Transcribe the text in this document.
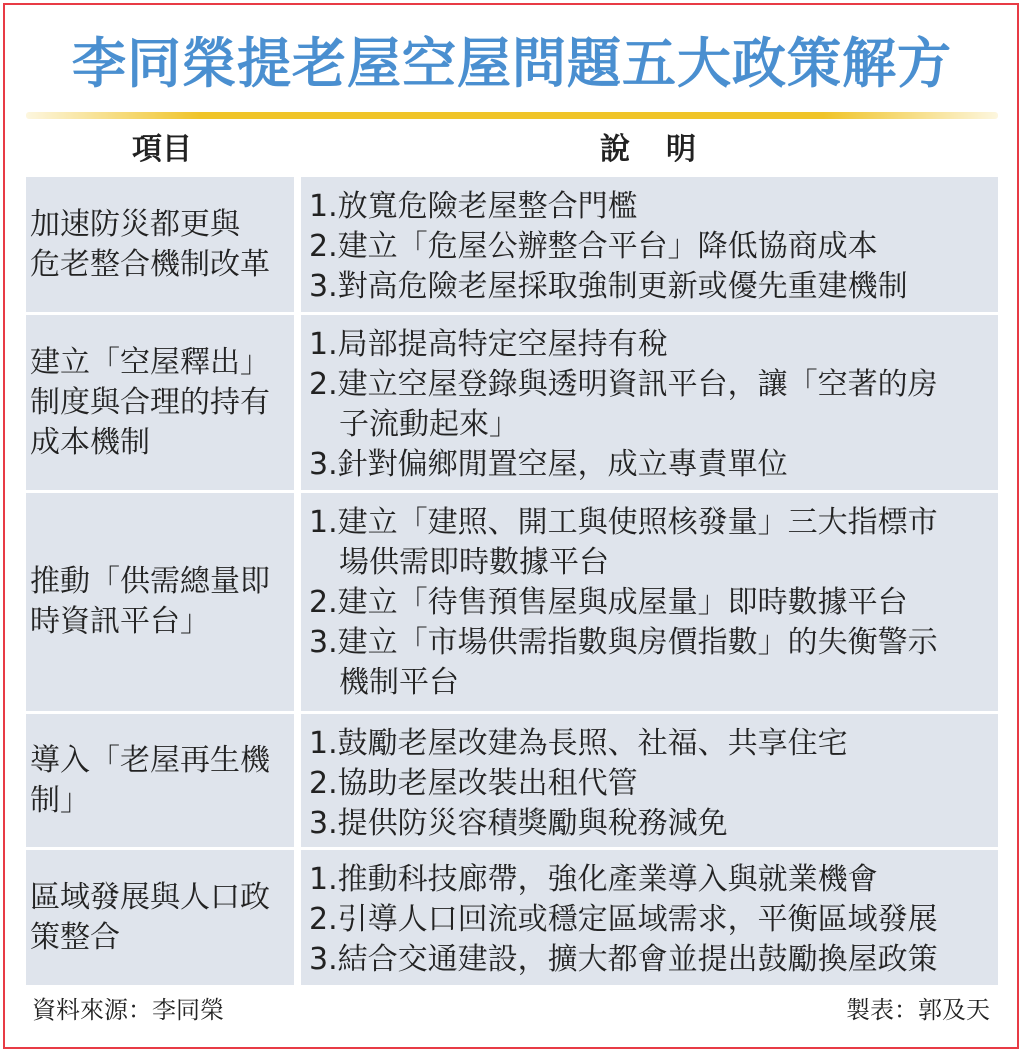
李同榮提老屋空屋問題五大政策解方
項目	說明
加速防災都更與
危老整合機制改革
1.放寬危險老屋整合門檻
2.建立「危屋公辦整合平台」降低協商成本
3.對高危險老屋採取強制更新或優先重建機制
建立「空屋釋出」
制度與合理的持有
成本機制
1.局部提高特定空屋持有稅
2.建立空屋登錄與透明資訊平台，讓「空著的房
子流動起來」
3.針對偏鄉閒置空屋，成立專責單位
推動「供需總量即
時資訊平台」
1.建立「建照、開工與使照核發量」三大指標市
場供需即時數據平台
2.建立「待售預售屋與成屋量」即時數據平台
3.建立「市場供需指數與房價指數」的失衡警示
機制平台
導入「老屋再生機
制」
1.鼓勵老屋改建為長照、社福、共享住宅
2.協助老屋改裝出租代管
3.提供防災容積獎勵與稅務減免
區域發展與人口政
策整合
1.推動科技廊帶，強化產業導入與就業機會
2.引導人口回流或穩定區域需求，平衡區域發展
3.結合交通建設，擴大都會並提出鼓勵換屋政策
資料來源：李同榮	製表：郭及天
